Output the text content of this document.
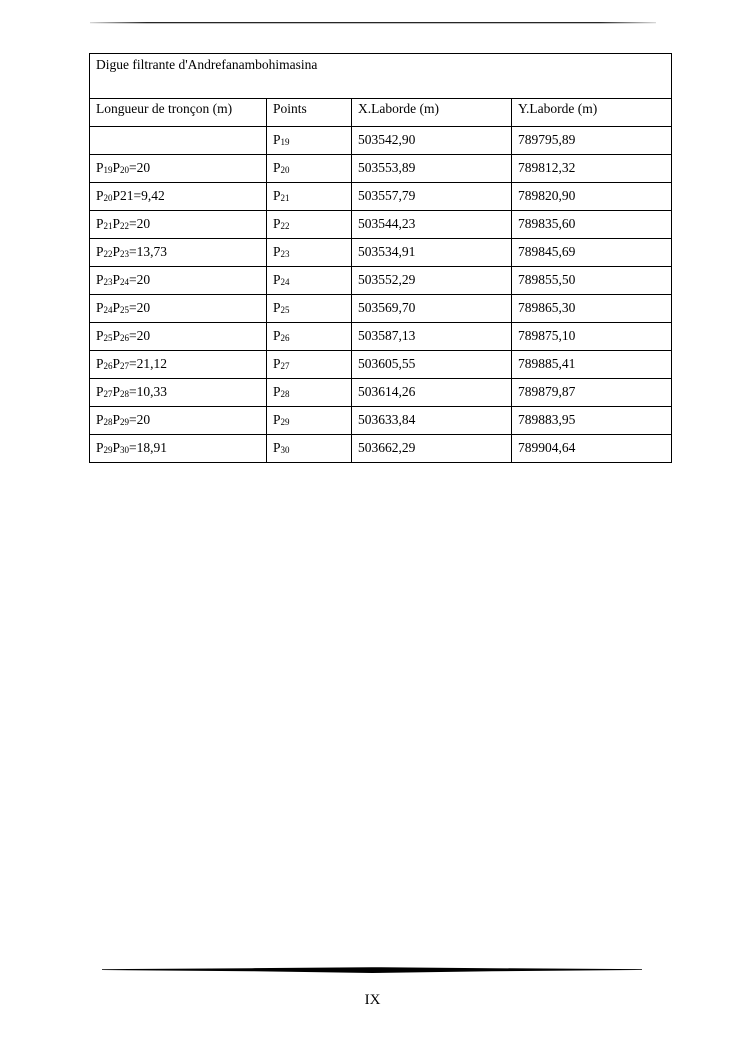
Digue filtrante d'Andrefanambohimasina			
Longueur de tronçon (m)	Points	X.Laborde (m)	Y.Laborde (m)
	$P_{19}$	503542,90	789795,89
$P_{19}P_{20}=20$	$P_{20}$	503553,89	789812,32
$P_{20}P21=9,42$	$P_{21}$	503557,79	789820,90
$P_{21}P_{22}=20$	$P_{22}$	503544,23	789835,60
$P_{22}P_{23}=13,73$	$P_{23}$	503534,91	789845,69
$P_{23}P_{24}=20$	$P_{24}$	503552,29	789855,50
$P_{24}P_{25}=20$	$P_{25}$	503569,70	789865,30
$P_{25}P_{26}=20$	$P_{26}$	503587,13	789875,10
$P_{26}P_{27}=21,12$	$P_{27}$	503605,55	789885,41
$P_{27}P_{28}=10,33$	$P_{28}$	503614,26	789879,87
$P_{28}P_{29}=20$	$P_{29}$	503633,84	789883,95
$P_{29}P_{30}=18,91$	$P_{30}$	503662,29	789904,64
IX
